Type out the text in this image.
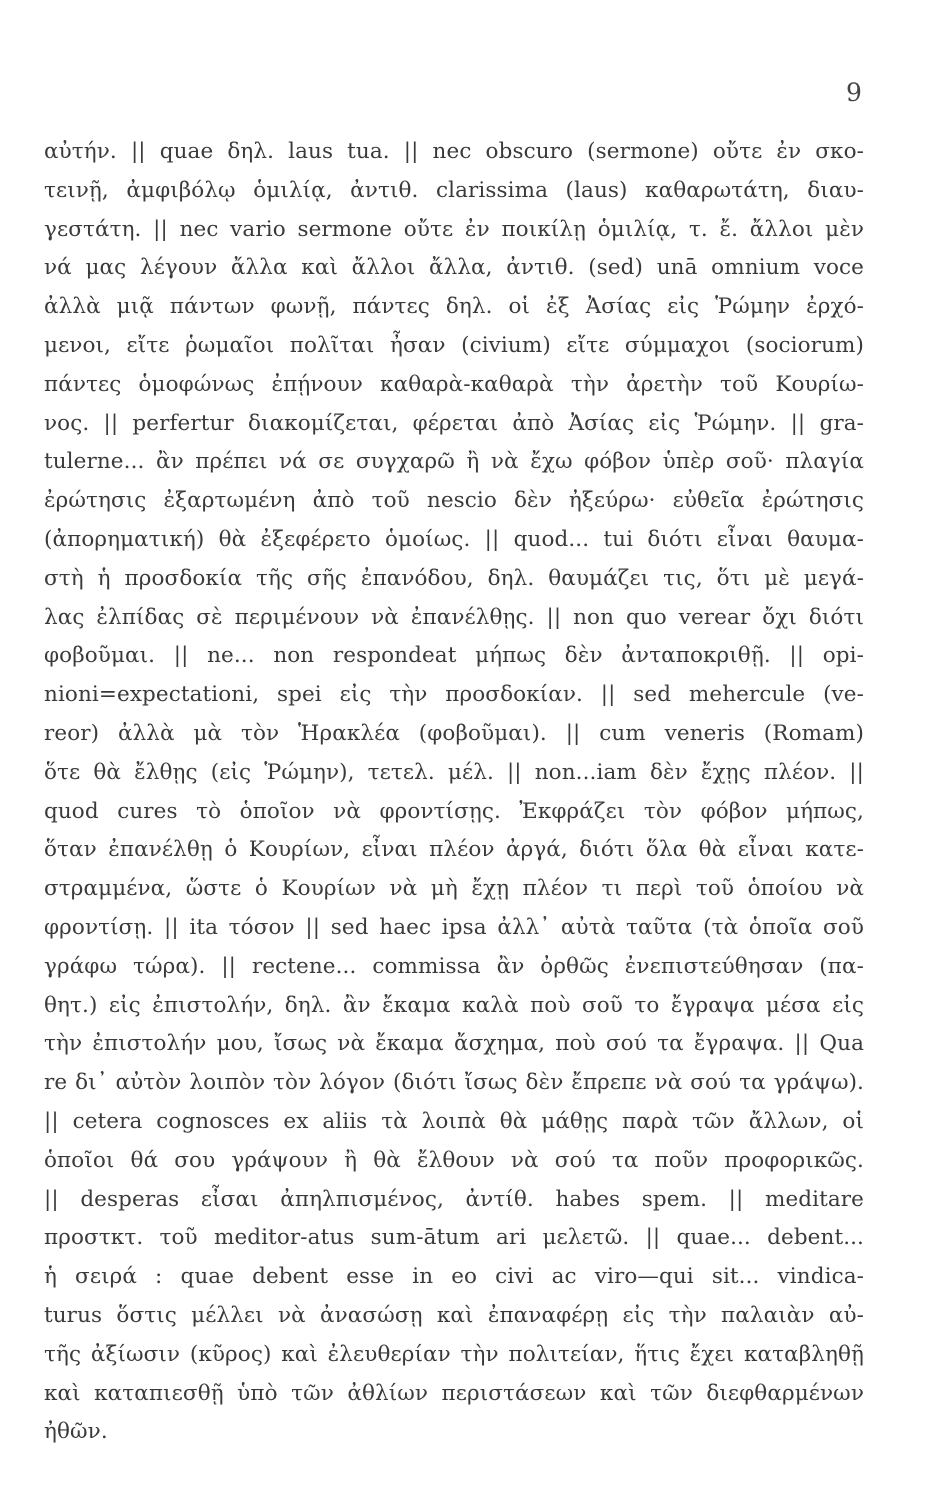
9
αὐτήν. || quae δηλ. laus tua. || nec obscuro (sermone) οὔτε ἐν σκο-
τεινῇ, ἀμφιβόλῳ ὁμιλίᾳ, ἀντιθ. clarissima (laus) καθαρωτάτη, διαυ-
γεστάτη. || nec vario sermone οὔτε ἐν ποικίλῃ ὁμιλίᾳ, τ. ἔ. ἄλλοι μὲν
νά μας λέγουν ἄλλα καὶ ἄλλοι ἄλλα, ἀντιθ. (sed) unā omnium voce
ἀλλὰ μιᾷ πάντων φωνῇ, πάντες δηλ. οἱ ἐξ Ἀσίας εἰς Ῥώμην ἐρχό-
μενοι, εἴτε ῥωμαῖοι πολῖται ἦσαν (civium) εἴτε σύμμαχοι (sociorum)
πάντες ὁμοφώνως ἐπῄνουν καθαρὰ-καθαρὰ τὴν ἀρετὴν τοῦ Κουρίω-
νος. || perfertur διακομίζεται, φέρεται ἀπὸ Ἀσίας εἰς Ῥώμην. || gra-
tulerne... ἂν πρέπει νά σε συγχαρῶ ἢ νὰ ἔχω φόβον ὑπὲρ σοῦ· πλαγία
ἐρώτησις ἐξαρτωμένη ἀπὸ τοῦ nescio δὲν ἠξεύρω· εὐθεῖα ἐρώτησις
(ἀπορηματική) θὰ ἐξεφέρετο ὁμοίως. || quod... tui διότι εἶναι θαυμα-
στὴ ἡ προσδοκία τῆς σῆς ἐπανόδου, δηλ. θαυμάζει τις, ὅτι μὲ μεγά-
λας ἐλπίδας σὲ περιμένουν νὰ ἐπανέλθῃς. || non quo verear ὄχι διότι
φοβοῦμαι. || ne... non respondeat μήπως δὲν ἀνταποκριθῇ. || opi-
nioni=expectationi, spei εἰς τὴν προσδοκίαν. || sed mehercule (ve-
reor) ἀλλὰ μὰ τὸν Ἡρακλέα (φοβοῦμαι). || cum veneris (Romam)
ὅτε θὰ ἔλθῃς (εἰς Ῥώμην), τετελ. μέλ. || non...iam δὲν ἔχῃς πλέον. ||
quod cures τὸ ὁποῖον νὰ φροντίσῃς. Ἐκφράζει τὸν φόβον μήπως,
ὅταν ἐπανέλθῃ ὁ Κουρίων, εἶναι πλέον ἀργά, διότι ὅλα θὰ εἶναι κατε-
στραμμένα, ὥστε ὁ Κουρίων νὰ μὴ ἔχῃ πλέον τι περὶ τοῦ ὁποίου νὰ
φροντίσῃ. || ita τόσον || sed haec ipsa ἀλλ᾽ αὐτὰ ταῦτα (τὰ ὁποῖα σοῦ
γράφω τώρα). || rectene... commissa ἂν ὀρθῶς ἐνεπιστεύθησαν (πα-
θητ.) εἰς ἐπιστολήν, δηλ. ἂν ἔκαμα καλὰ ποὺ σοῦ το ἔγραψα μέσα εἰς
τὴν ἐπιστολήν μου, ἴσως νὰ ἔκαμα ἄσχημα, ποὺ σού τα ἔγραψα. || Qua
re δι᾽ αὐτὸν λοιπὸν τὸν λόγον (διότι ἴσως δὲν ἔπρεπε νὰ σού τα γράψω).
|| cetera cognosces ex aliis τὰ λοιπὰ θὰ μάθῃς παρὰ τῶν ἄλλων, οἱ
ὁποῖοι θά σου γράψουν ἢ θὰ ἔλθουν νὰ σού τα ποῦν προφορικῶς.
|| desperas εἶσαι ἀπηλπισμένος, ἀντίθ. habes spem. || meditare
προστκτ. τοῦ meditor-atus sum-ātum ari μελετῶ. || quae... debent...
ἡ σειρά : quae debent esse in eo civi ac viro—qui sit... vindica-
turus ὅστις μέλλει νὰ ἀνασώσῃ καὶ ἐπαναφέρῃ εἰς τὴν παλαιὰν αὐ-
τῆς ἀξίωσιν (κῦρος) καὶ ἐλευθερίαν τὴν πολιτείαν, ἥτις ἔχει καταβληθῇ
καὶ καταπιεσθῇ ὑπὸ τῶν ἀθλίων περιστάσεων καὶ τῶν διεφθαρμένων
ἠθῶν.
